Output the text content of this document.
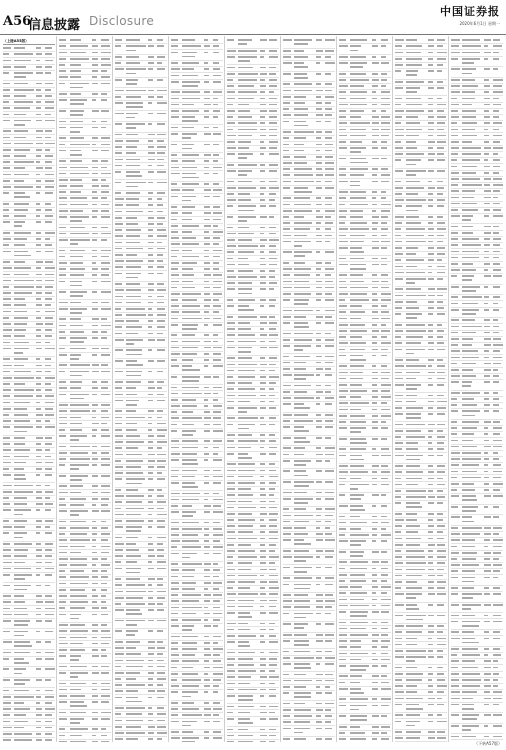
中国证券报
A56
信息披露 Disclosure	2020年6月1日 星期一
（上接A55版）
（下转A57版）
